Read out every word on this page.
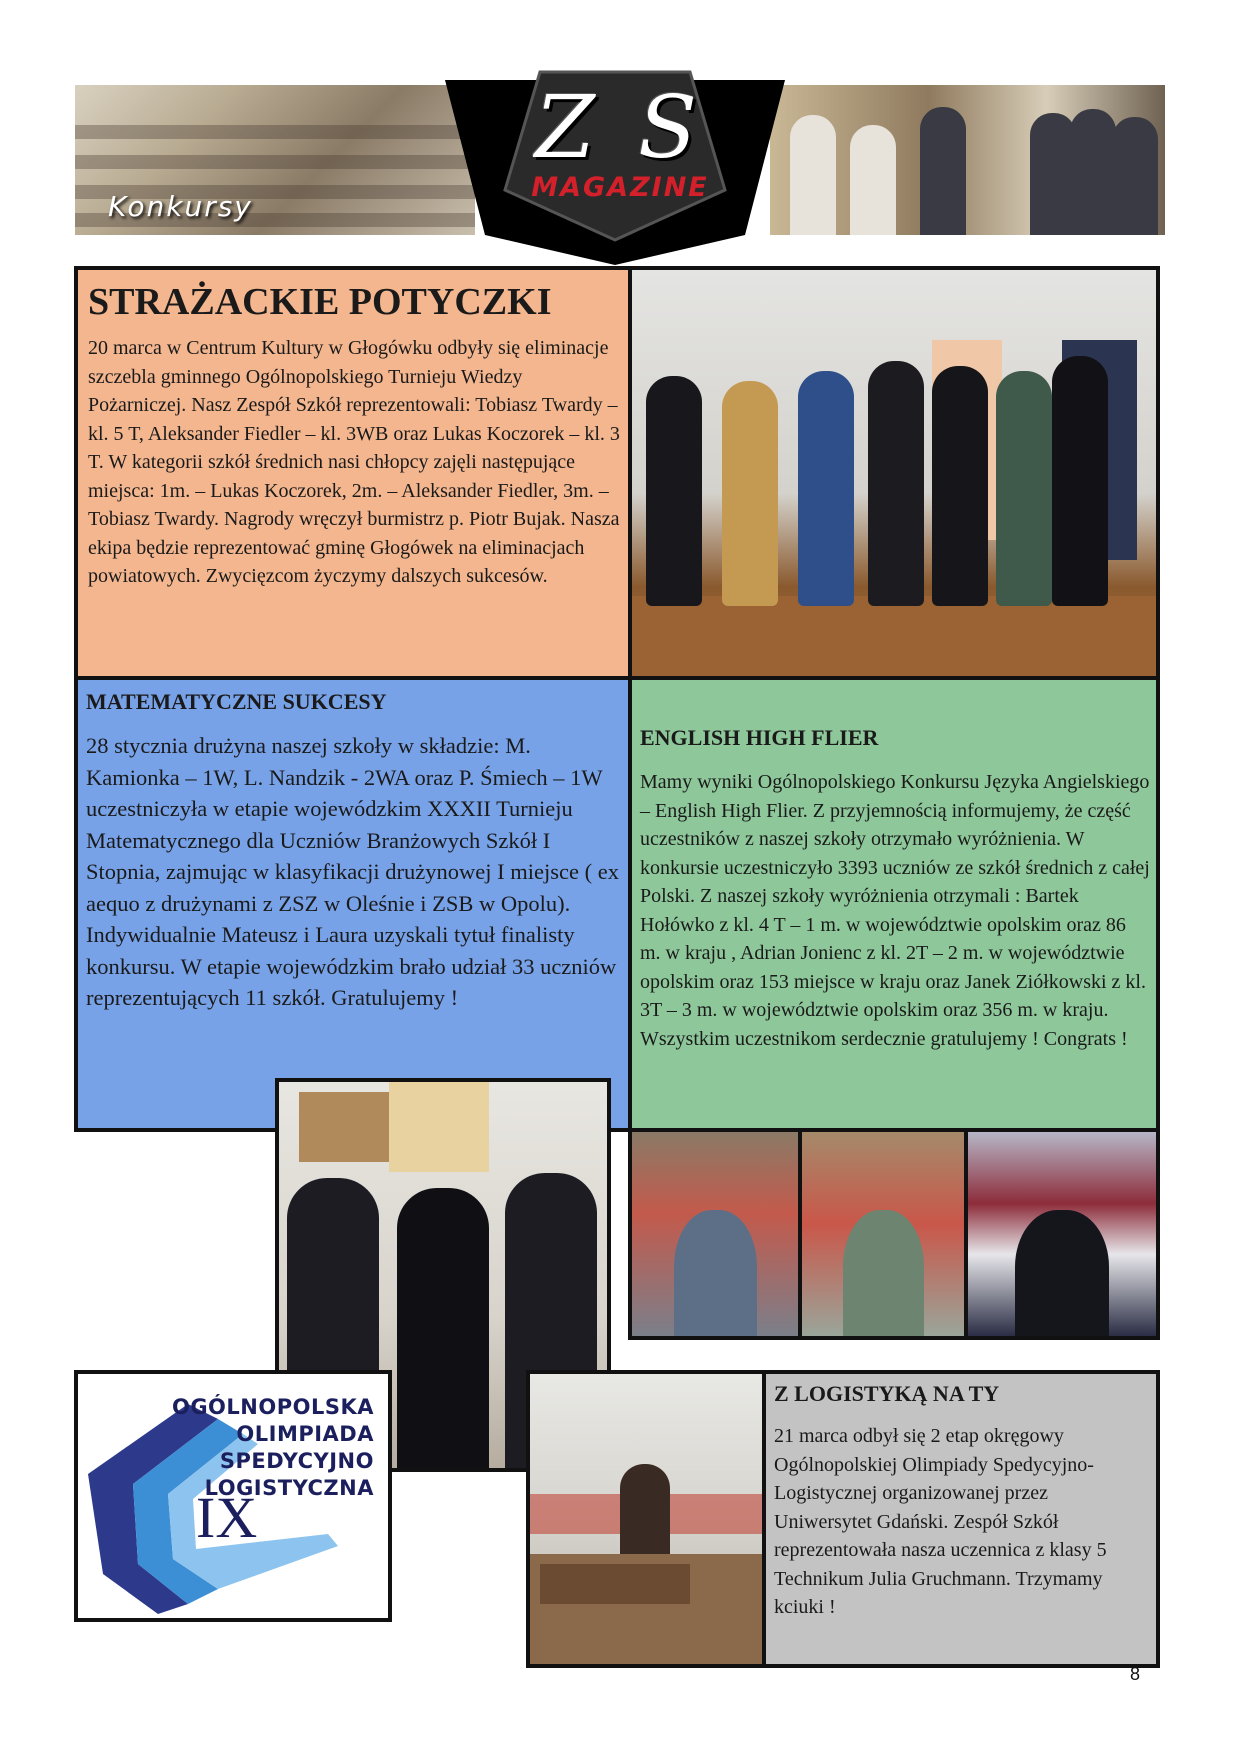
Konkursy
Z S
MAGAZINE
STRAŻACKIE POTYCZKI

20 marca w Centrum Kultury w Głogówku odbyły się eliminacje szczebla gminnego Ogólnopolskiego Turnieju Wiedzy Pożarniczej. Nasz Zespół Szkół reprezentowali: Tobiasz Twardy – kl. 5 T, Aleksander Fiedler – kl. 3WB oraz Lukas Koczorek – kl. 3 T. W kategorii szkół średnich nasi chłopcy zajęli następujące miejsca: 1m. – Lukas Koczorek, 2m. – Aleksander Fiedler, 3m. – Tobiasz Twardy. Nagrody wręczył burmistrz p. Piotr Bujak. Nasza ekipa będzie reprezentować gminę Głogówek na eliminacjach powiatowych. Zwycięzcom życzymy dalszych sukcesów.

MATEMATYCZNE SUKCESY

28 stycznia drużyna naszej szkoły w składzie: M. Kamionka – 1W, L. Nandzik - 2WA oraz P. Śmiech – 1W uczestniczyła w etapie wojewódzkim XXXII Turnieju Matematycznego dla Uczniów Branżowych Szkół I Stopnia, zajmując w klasyfikacji drużynowej I miejsce ( ex aequo z drużynami z ZSZ w Oleśnie i ZSB w Opolu). Indywidualnie Mateusz i Laura uzyskali tytuł finalisty konkursu. W etapie wojewódzkim brało udział 33 uczniów reprezentujących 11 szkół. Gratulujemy !

ENGLISH HIGH FLIER

Mamy wyniki Ogólnopolskiego Konkursu Języka Angielskiego – English High Flier. Z przyjemnością informujemy, że część uczestników z naszej szkoły otrzymało wyróżnienia. W konkursie uczestniczyło 3393 uczniów ze szkół średnich z całej Polski. Z naszej szkoły wyróżnienia otrzymali : Bartek Hołówko z kl. 4 T – 1 m. w województwie opolskim oraz 86 m. w kraju , Adrian Jonienc z kl. 2T – 2 m. w województwie opolskim oraz 153 miejsce w kraju oraz Janek Ziółkowski z kl. 3T – 3 m. w województwie opolskim oraz 356 m. w kraju. Wszystkim uczestnikom serdecznie gratulujemy ! Congrats !

OGÓLNOPOLSKA
OLIMPIADA
SPEDYCYJNO
LOGISTYCZNA
IX
Z LOGISTYKĄ NA TY

21 marca odbył się 2 etap okręgowy Ogólnopolskiej Olimpiady Spedycyjno-Logistycznej organizowanej przez Uniwersytet Gdański. Zespół Szkół reprezentowała nasza uczennica z klasy 5 Technikum Julia Gruchmann. Trzymamy kciuki !

8
